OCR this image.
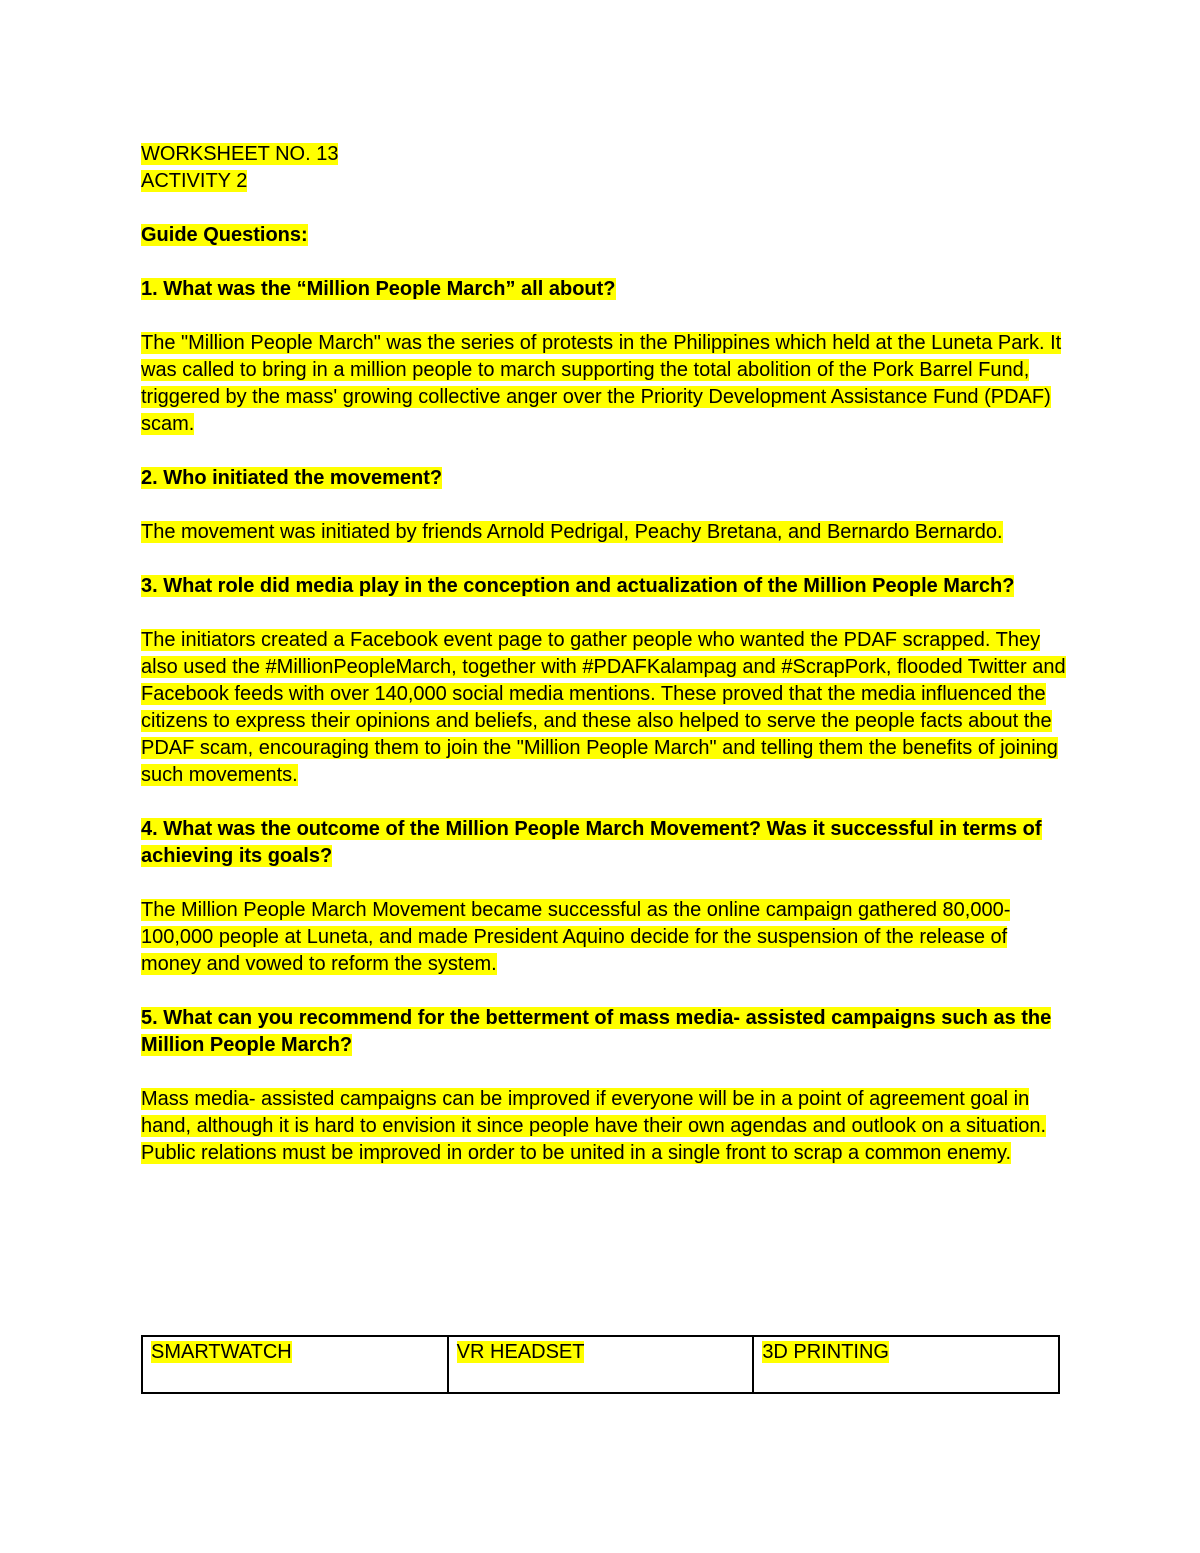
WORKSHEET NO. 13

ACTIVITY 2

Guide Questions:

1. What was the “Million People March” all about?

The "Million People March" was the series of protests in the Philippines which held at the Luneta Park. It was called to bring in a million people to march supporting the total abolition of the Pork Barrel Fund, triggered by the mass' growing collective anger over the Priority Development Assistance Fund (PDAF) scam.

2. Who initiated the movement?

The movement was initiated by friends Arnold Pedrigal, Peachy Bretana, and Bernardo Bernardo.

3. What role did media play in the conception and actualization of the Million People March?

The initiators created a Facebook event page to gather people who wanted the PDAF scrapped. They also used the #MillionPeopleMarch, together with #PDAFKalampag and #ScrapPork, flooded Twitter and Facebook feeds with over 140,000 social media mentions. These proved that the media influenced the citizens to express their opinions and beliefs, and these also helped to serve the people facts about the PDAF scam, encouraging them to join the "Million People March" and telling them the benefits of joining such movements.

4. What was the outcome of the Million People March Movement? Was it successful in terms of achieving its goals?

The Million People March Movement became successful as the online campaign gathered 80,000- 100,000 people at Luneta, and made President Aquino decide for the suspension of the release of money and vowed to reform the system.

5. What can you recommend for the betterment of mass media- assisted campaigns such as the Million People March?

Mass media- assisted campaigns can be improved if everyone will be in a point of agreement goal in hand, although it is hard to envision it since people have their own agendas and outlook on a situation. Public relations must be improved in order to be united in a single front to scrap a common enemy.

SMARTWATCH	VR HEADSET	3D PRINTING
